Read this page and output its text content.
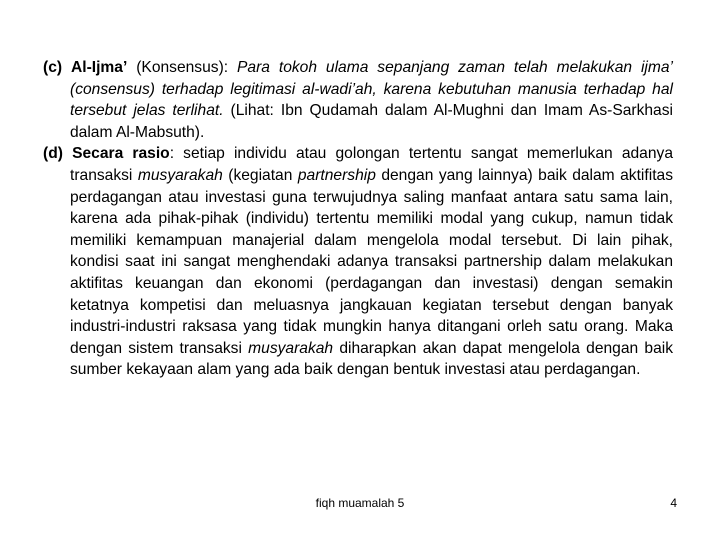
(c) Al-Ijma’ (Konsensus): Para tokoh ulama sepanjang zaman telah melakukan ijma’ (consensus) terhadap legitimasi al-wadi’ah, karena kebutuhan manusia terhadap hal tersebut jelas terlihat. (Lihat: Ibn Qudamah dalam Al-Mughni dan Imam As-Sarkhasi dalam Al-Mabsuth).

(d) Secara rasio: setiap individu atau golongan tertentu sangat memerlukan adanya transaksi musyarakah (kegiatan partnership dengan yang lainnya) baik dalam aktifitas perdagangan atau investasi guna terwujudnya saling manfaat antara satu sama lain, karena ada pihak-pihak (individu) tertentu memiliki modal yang cukup, namun tidak memiliki kemampuan manajerial dalam mengelola modal tersebut. Di lain pihak, kondisi saat ini sangat menghendaki adanya transaksi partnership dalam melakukan aktifitas keuangan dan ekonomi (perdagangan dan investasi) dengan semakin ketatnya kompetisi dan meluasnya jangkauan kegiatan tersebut dengan banyak industri-industri raksasa yang tidak mungkin hanya ditangani orleh satu orang. Maka dengan sistem transaksi musyarakah diharapkan akan dapat mengelola dengan baik sumber kekayaan alam yang ada baik dengan bentuk investasi atau perdagangan.

fiqh muamalah 5	4
